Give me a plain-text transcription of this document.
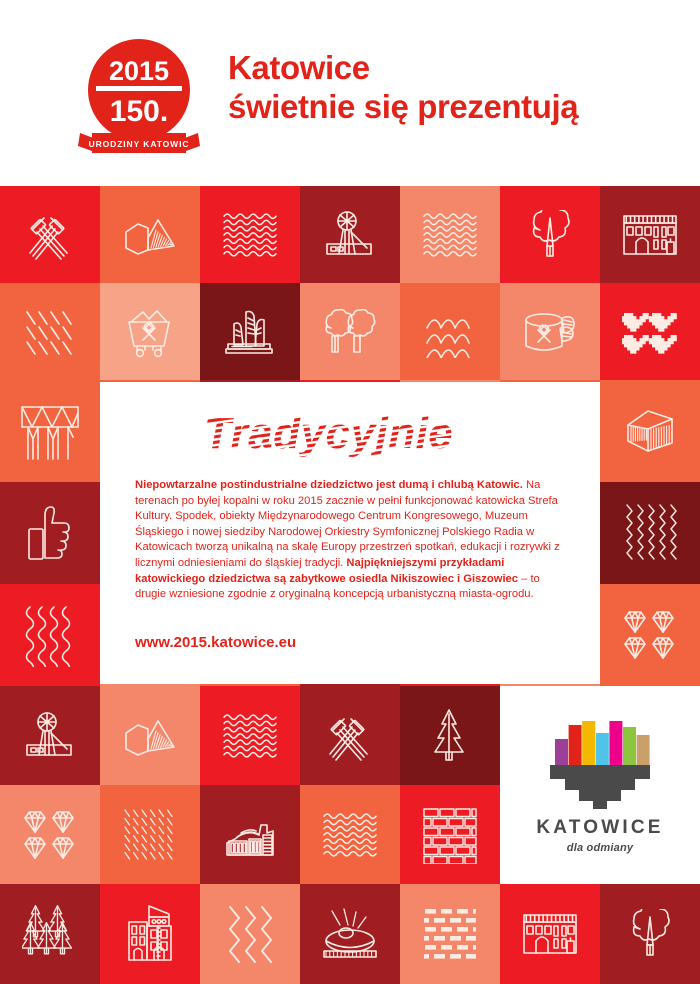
2015
150.
URODZINY KATOWIC
Katowice
świetnie się prezentują
Tradycyjnie
Niepowtarzalne postindustrialne dziedzictwo jest dumą i chlubą Katowic. Na terenach po byłej kopalni w roku 2015 zacznie w pełni funkcjonować katowicka Strefa Kultury. Spodek, obiekty Międzynarodowego Centrum Kongresowego, Muzeum Śląskiego i nowej siedziby Narodowej Orkiestry Symfonicznej Polskiego Radia w Katowicach tworzą unikalną na skalę Europy przestrzeń spotkań, edukacji i rozrywki z licznymi odniesieniami do śląskiej tradycji. Najpiękniejszymi przykładami katowickiego dziedzictwa są zabytkowe osiedla Nikiszowiec i Giszowiec – to drugie wzniesione zgodnie z oryginalną koncepcją urbanistyczną miasta-ogrodu.
www.2015.katowice.eu
KATOWICE
dla odmiany
